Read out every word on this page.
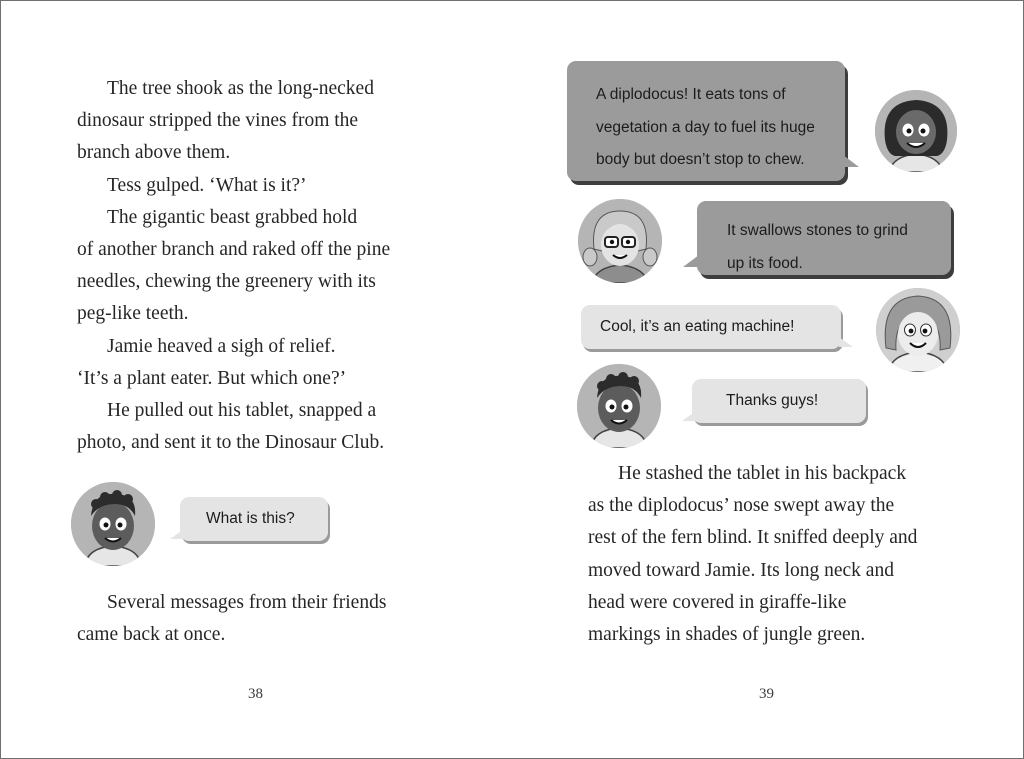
The tree shook as the long-necked
dinosaur stripped the vines from the
branch above them.
Tess gulped. ‘What is it?’
The gigantic beast grabbed hold
of another branch and raked off the pine
needles, chewing the greenery with its
peg-like teeth.
Jamie heaved a sigh of relief.
‘It’s a plant eater. But which one?’
He pulled out his tablet, snapped a
photo, and sent it to the Dinosaur Club.
What is this?
Several messages from their friends
came back at once.
38
A diplodocus! It eats tons of
vegetation a day to fuel its huge
body but doesn’t stop to chew.
It swallows stones to grind
up its food.
Cool, it’s an eating machine!
Thanks guys!
He stashed the tablet in his backpack
as the diplodocus’ nose swept away the
rest of the fern blind. It sniffed deeply and
moved toward Jamie. Its long neck and
head were covered in giraffe-like
markings in shades of jungle green.
39
